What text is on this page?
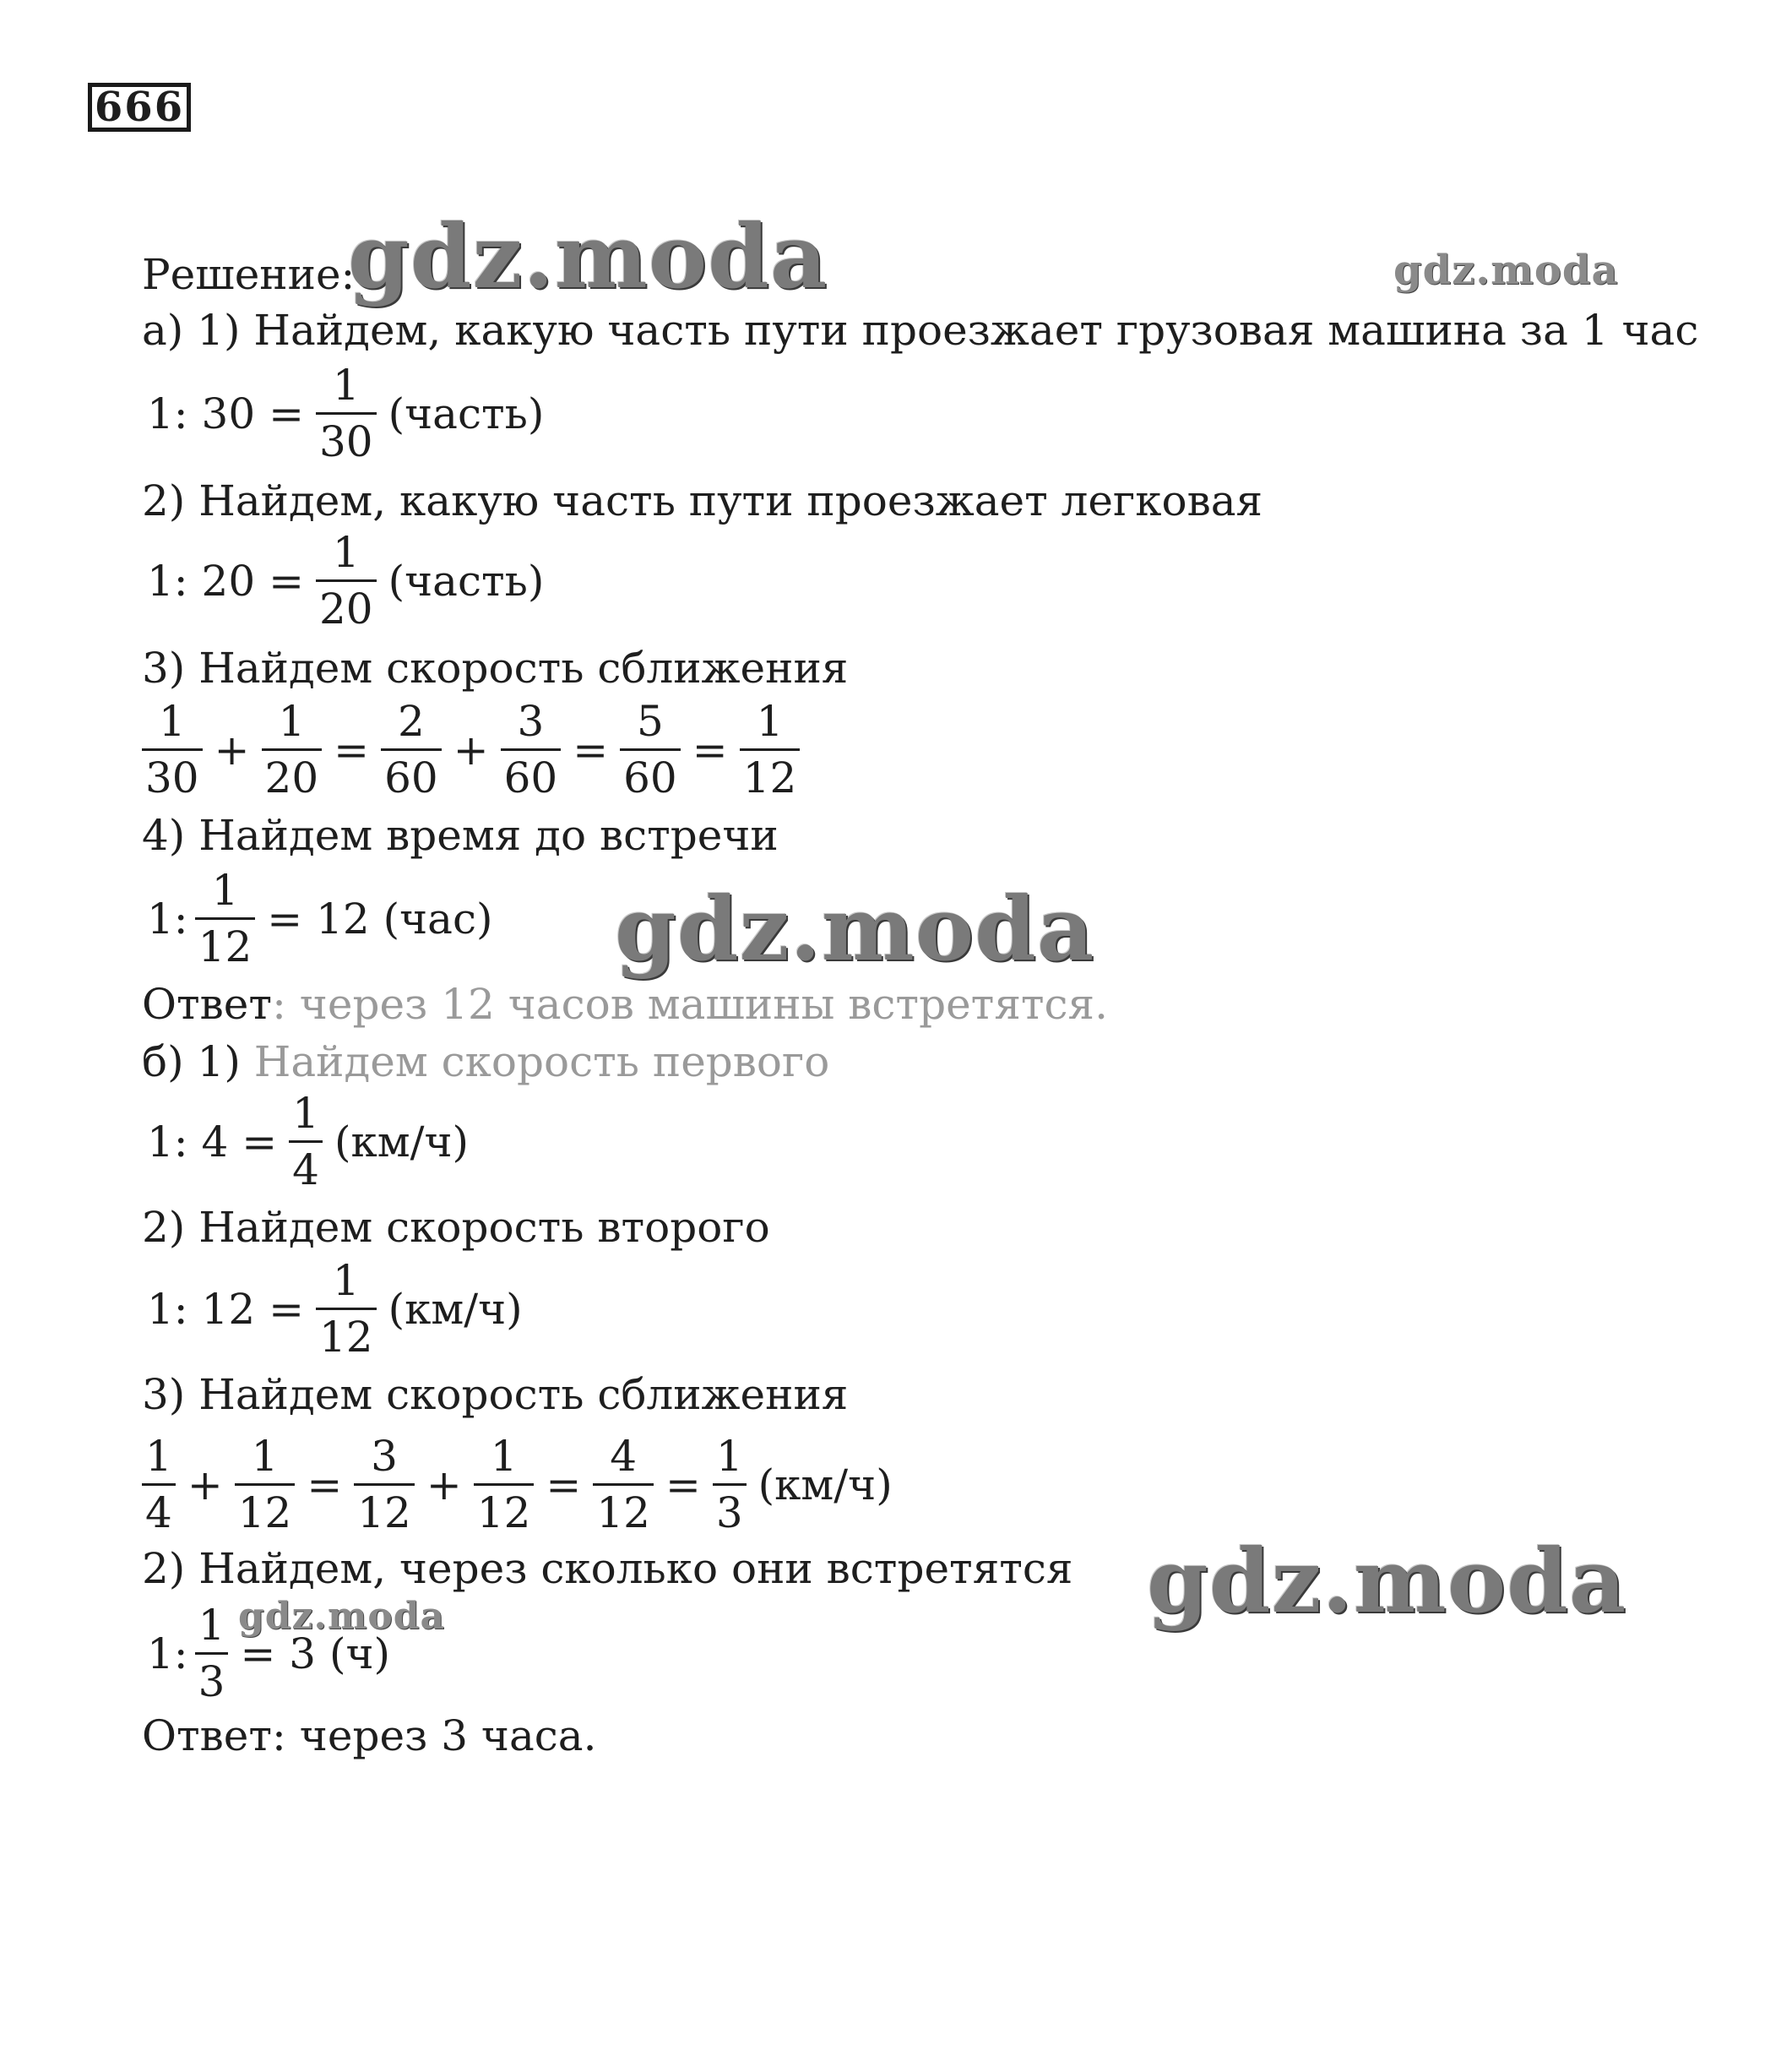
666
gdz.moda	gdz.moda
gdz.moda
gdz.moda
gdz.moda
Решение:
а) 1) Найдем, какую часть пути проезжает грузовая машина за 1 час
1: $30 = \frac{1}{30}$ (часть)
2) Найдем, какую часть пути проезжает легковая
1: $20 = \frac{1}{20}$ (часть)
3) Найдем скорость сближения
$\frac{1}{30} + \frac{1}{20} = \frac{2}{60} + \frac{3}{60} = \frac{5}{60} = \frac{1}{12}$
4) Найдем время до встречи
1: $\frac{1}{12} = 12$ (час)
Ответ: через 12 часов машины встретятся.
б) 1) Найдем скорость первого
1: $4 = \frac{1}{4} (км/ч)$
2) Найдем скорость второго
1: $12 = \frac{1}{12} (км/ч)$
3) Найдем скорость сближения
$\frac{1}{4} + \frac{1}{12} = \frac{3}{12} + \frac{1}{12} = \frac{4}{12} = \frac{1}{3} (км/ч)$
2) Найдем, через сколько они встретятся
1: $\frac{1}{3} = 3$ (ч)
Ответ: через 3 часа.
